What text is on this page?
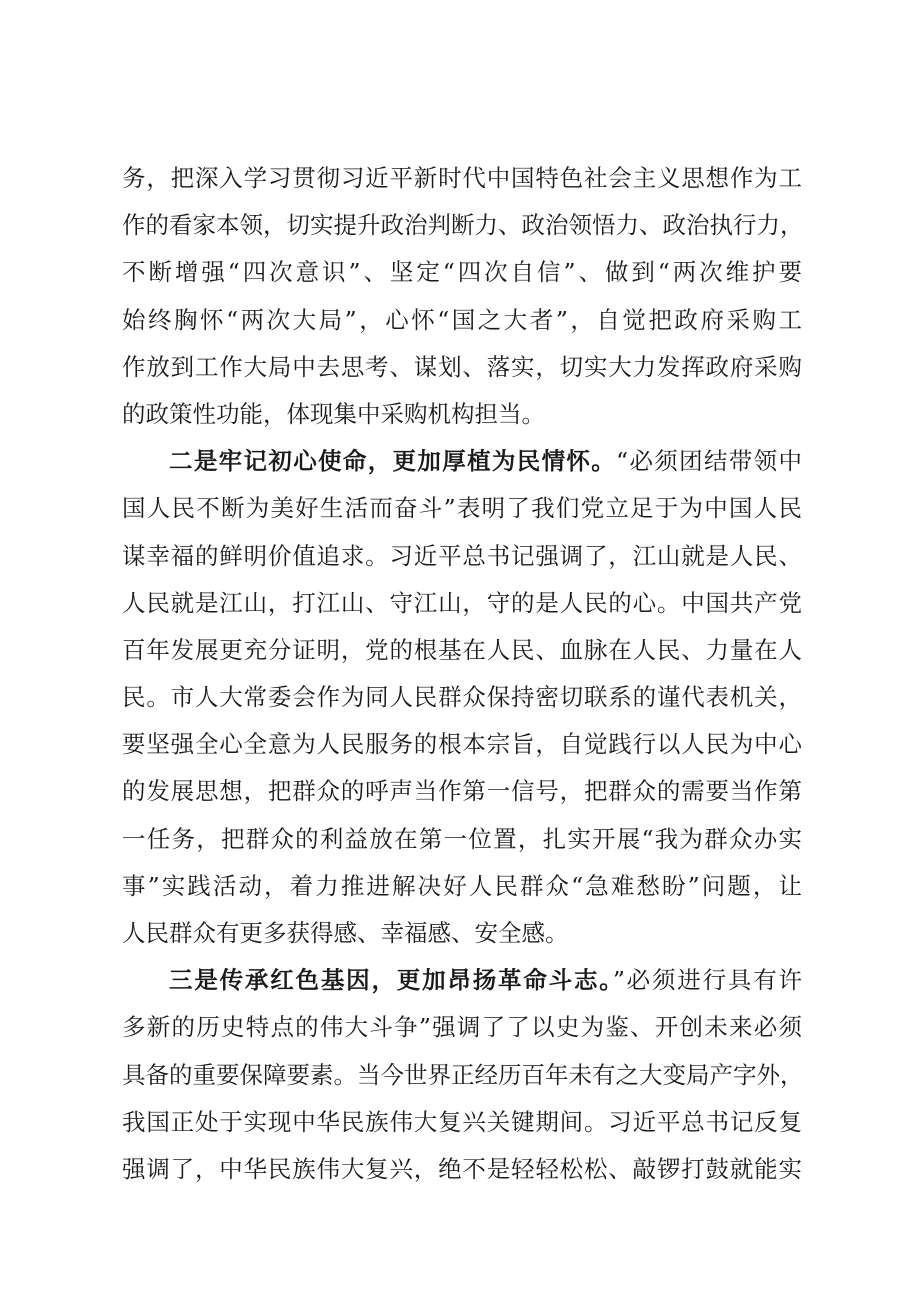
务，把深入学习贯彻习近平新时代中国特色社会主义思想作为工
作的看家本领，切实提升政治判断力、政治领悟力、政治执行力，
不断增强“四次意识”、坚定“四次自信”、做到“两次维护要
始终胸怀“两次大局”，心怀“国之大者”，自觉把政府采购工
作放到工作大局中去思考、谋划、落实，切实大力发挥政府采购
的政策性功能，体现集中采购机构担当。
二是牢记初心使命，更加厚植为民情怀。“必须团结带领中
国人民不断为美好生活而奋斗”表明了我们党立足于为中国人民
谋幸福的鲜明价值追求。习近平总书记强调了，江山就是人民、
人民就是江山，打江山、守江山，守的是人民的心。中国共产党
百年发展更充分证明，党的根基在人民、血脉在人民、力量在人
民。市人大常委会作为同人民群众保持密切联系的谨代表机关，
要坚强全心全意为人民服务的根本宗旨，自觉践行以人民为中心
的发展思想，把群众的呼声当作第一信号，把群众的需要当作第
一任务，把群众的利益放在第一位置，扎实开展“我为群众办实
事”实践活动，着力推进解决好人民群众“急难愁盼”问题，让
人民群众有更多获得感、幸福感、安全感。
三是传承红色基因，更加昂扬革命斗志。”必须进行具有许
多新的历史特点的伟大斗争”强调了了以史为鉴、开创未来必须
具备的重要保障要素。当今世界正经历百年未有之大变局产字外，
我国正处于实现中华民族伟大复兴关键期间。习近平总书记反复
强调了，中华民族伟大复兴，绝不是轻轻松松、敲锣打鼓就能实
